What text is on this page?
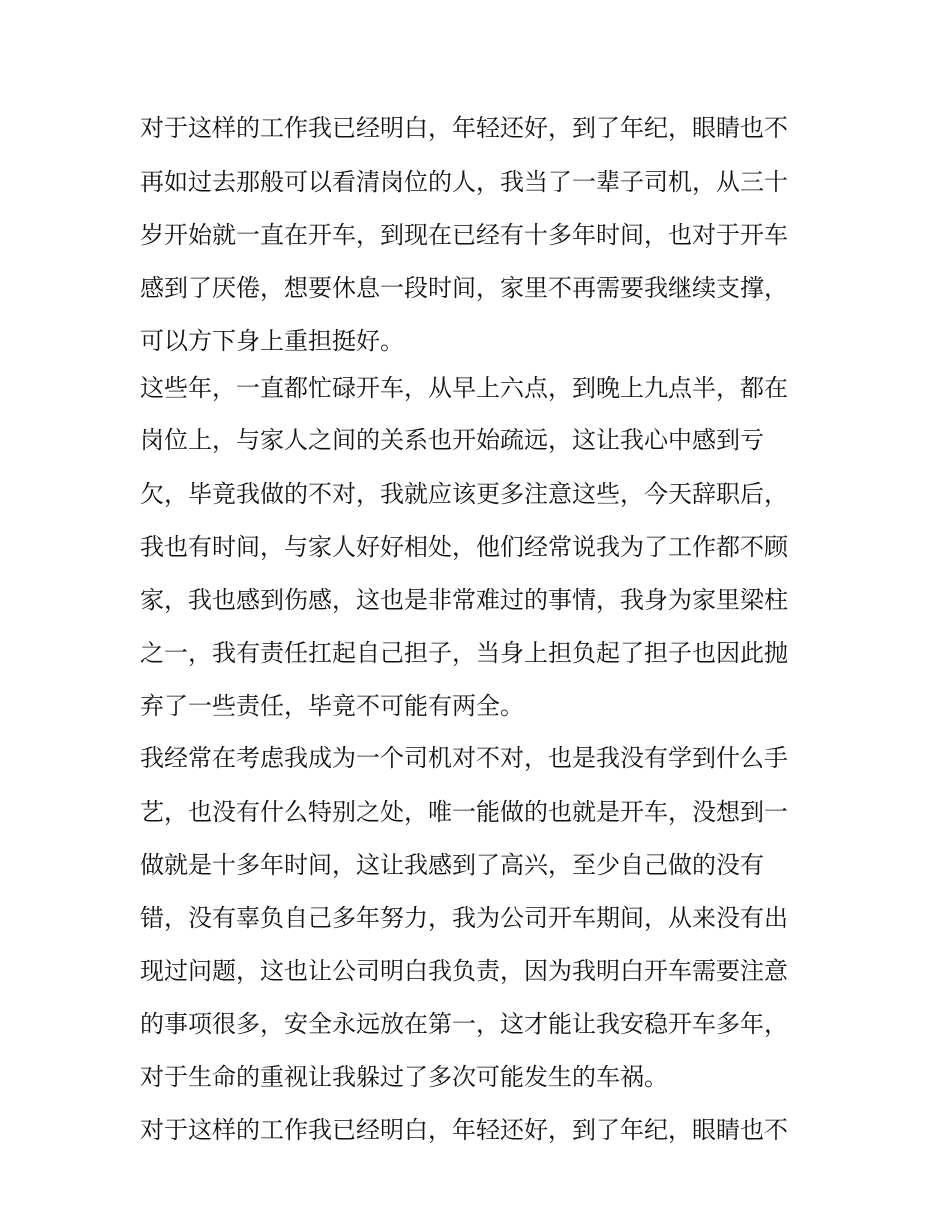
对于这样的工作我已经明白，年轻还好，到了年纪，眼睛也不
再如过去那般可以看清岗位的人，我当了一辈子司机，从三十
岁开始就一直在开车，到现在已经有十多年时间，也对于开车
感到了厌倦，想要休息一段时间，家里不再需要我继续支撑，
可以方下身上重担挺好。
这些年，一直都忙碌开车，从早上六点，到晚上九点半，都在
岗位上，与家人之间的关系也开始疏远，这让我心中感到亏
欠，毕竟我做的不对，我就应该更多注意这些，今天辞职后，
我也有时间，与家人好好相处，他们经常说我为了工作都不顾
家，我也感到伤感，这也是非常难过的事情，我身为家里梁柱
之一，我有责任扛起自己担子，当身上担负起了担子也因此抛
弃了一些责任，毕竟不可能有两全。
我经常在考虑我成为一个司机对不对，也是我没有学到什么手
艺，也没有什么特别之处，唯一能做的也就是开车，没想到一
做就是十多年时间，这让我感到了高兴，至少自己做的没有
错，没有辜负自己多年努力，我为公司开车期间，从来没有出
现过问题，这也让公司明白我负责，因为我明白开车需要注意
的事项很多，安全永远放在第一，这才能让我安稳开车多年，
对于生命的重视让我躲过了多次可能发生的车祸。
对于这样的工作我已经明白，年轻还好，到了年纪，眼睛也不
